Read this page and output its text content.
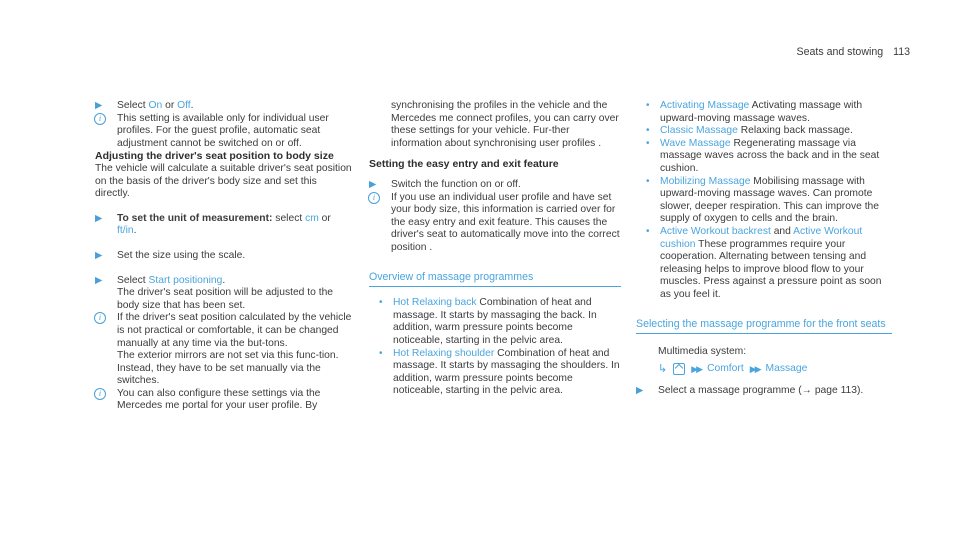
Seats and stowing 113

▶ Select On or Off.

i	This setting is available only for individual user profiles. For the guest profile, automatic seat adjustment cannot be switched on or off.

Adjusting the driver's seat position to body size

The vehicle will calculate a suitable driver's seat position on the basis of the driver's body size and set this directly.

▶ To set the unit of measurement: select cm or ft/in.

▶ Set the size using the scale.

▶ Select Start positioning.
The driver's seat position will be adjusted to the body size that has been set.

i	If the driver's seat position calculated by the vehicle is not practical or comfortable, it can be changed manually at any time via the but-tons.
The exterior mirrors are not set via this func-tion. Instead, they have to be set manually via the switches.

i	You can also configure these settings via the Mercedes me portal for your user profile. By

synchronising the profiles in the vehicle and the Mercedes me connect profiles, you can carry over these settings for your vehicle. Fur-ther information about synchronising user profiles .

Setting the easy entry and exit feature

▶ Switch the function on or off.

i	If you use an individual user profile and have set your body size, this information is carried over for the easy entry and exit feature. This causes the driver's seat to automatically move into the correct position .

Overview of massage programmes

• Hot Relaxing back Combination of heat and massage. It starts by massaging the back. In addition, warm pressure points become noticeable, starting in the pelvic area.

• Hot Relaxing shoulder Combination of heat and massage. It starts by massaging the shoulders. In addition, warm pressure points become noticeable, starting in the pelvic area.

• Activating Massage Activating massage with upward-moving massage waves.

• Classic Massage Relaxing back massage.

• Wave Massage Regenerating massage via massage waves across the back and in the seat cushion.

• Mobilizing Massage Mobilising massage with upward-moving massage waves. Can promote slower, deeper respiration. This can improve the supply of oxygen to cells and the brain.

• Active Workout backrest and Active Workout cushion These programmes require your cooperation. Alternating between tensing and releasing helps to improve blood flow to your muscles. Press against a pressure point as soon as you feel it.

Selecting the massage programme for the front seats

Multimedia system:

↳	▶▶ Comfort ▶▶ Massage

▶ Select a massage programme (→ page 113).
